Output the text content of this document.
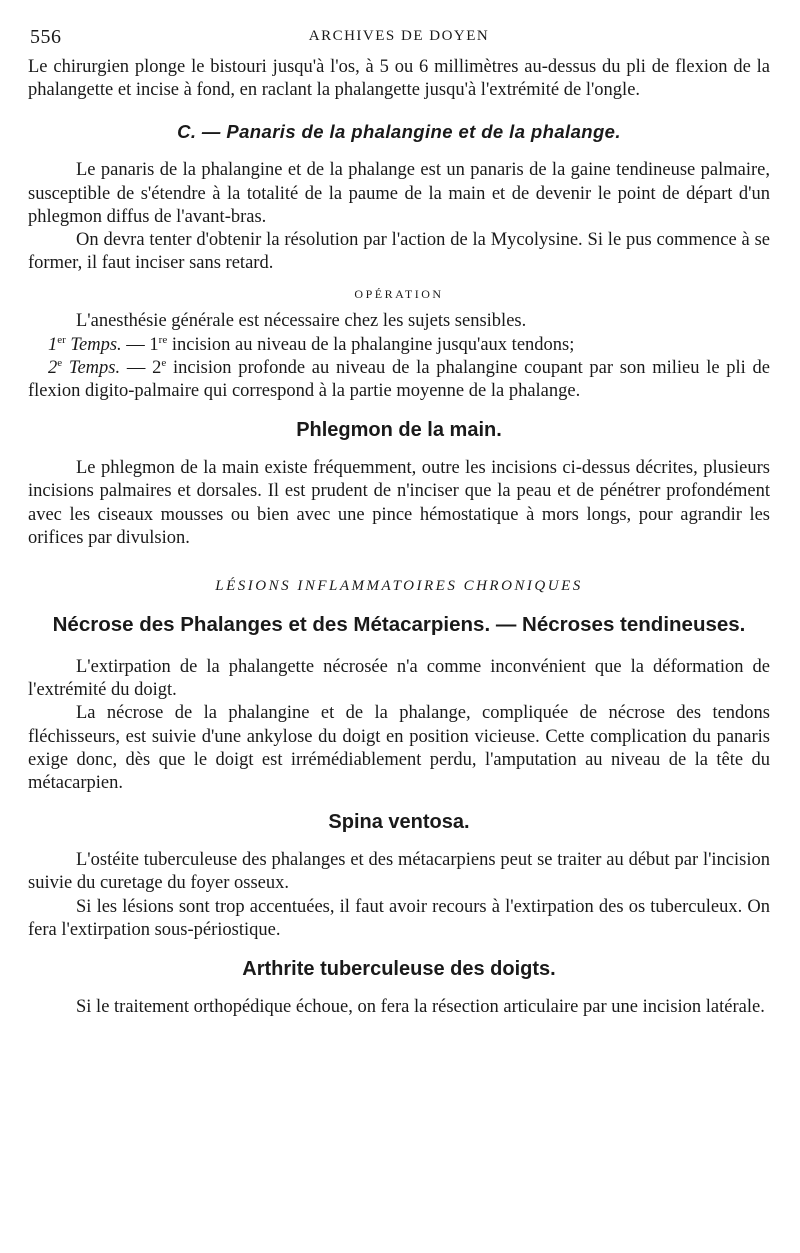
556	ARCHIVES DE DOYEN

Le chirurgien plonge le bistouri jusqu'à l'os, à 5 ou 6 millimètres au-dessus du pli de flexion de la phalangette et incise à fond, en raclant la phalangette jusqu'à l'extrémité de l'ongle.

C. — Panaris de la phalangine et de la phalange.

Le panaris de la phalangine et de la phalange est un panaris de la gaine tendineuse palmaire, susceptible de s'étendre à la totalité de la paume de la main et de devenir le point de départ d'un phlegmon diffus de l'avant-bras.

On devra tenter d'obtenir la résolution par l'action de la Mycolysine. Si le pus commence à se former, il faut inciser sans retard.

OPÉRATION

L'anesthésie générale est nécessaire chez les sujets sensibles.

1er Temps. — 1re incision au niveau de la phalangine jusqu'aux tendons;

2e Temps. — 2e incision profonde au niveau de la phalangine coupant par son milieu le pli de flexion digito-palmaire qui correspond à la partie moyenne de la phalange.

Phlegmon de la main.

Le phlegmon de la main existe fréquemment, outre les incisions ci-dessus décrites, plusieurs incisions palmaires et dorsales. Il est prudent de n'inciser que la peau et de pénétrer profondément avec les ciseaux mousses ou bien avec une pince hémostatique à mors longs, pour agrandir les orifices par divulsion.

LÉSIONS INFLAMMATOIRES CHRONIQUES
Nécrose des Phalanges et des Métacarpiens. — Nécroses tendineuses.

L'extirpation de la phalangette nécrosée n'a comme inconvénient que la déformation de l'extrémité du doigt.

La nécrose de la phalangine et de la phalange, compliquée de nécrose des tendons fléchisseurs, est suivie d'une ankylose du doigt en position vicieuse. Cette complication du panaris exige donc, dès que le doigt est irrémédiablement perdu, l'amputation au niveau de la tête du métacarpien.

Spina ventosa.

L'ostéite tuberculeuse des phalanges et des métacarpiens peut se traiter au début par l'incision suivie du curetage du foyer osseux.

Si les lésions sont trop accentuées, il faut avoir recours à l'extirpation des os tuberculeux. On fera l'extirpation sous-périostique.

Arthrite tuberculeuse des doigts.

Si le traitement orthopédique échoue, on fera la résection articulaire par une incision latérale.
